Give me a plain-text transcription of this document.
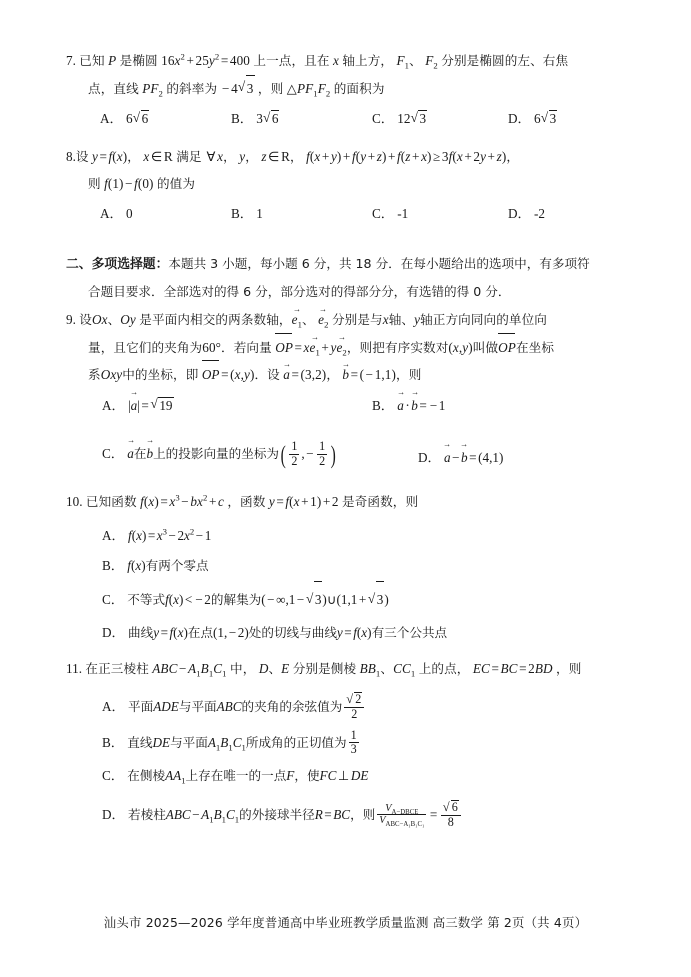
7. 已知 P 是椭圆 $16x^2 + 25y^2 = 400$ 上一点，且在 x 轴上方， $F_1$、 $F_2$ 分别是椭圆的左、右焦
点，直线 $PF_2$ 的斜率为 − 4 √ 3 ，则 $\triangle PF_1F_2$ 的面积为
A． 6 √ 6	B． 3 √ 6	C． 12 √ 3	D． 6 √ 3
8.设 y = f(x)， x ∈ R 满足 ∀ x， y， z ∈ R， f(x + y) + f(y + z) + f(z + x) ≥ 3f(x + 2y + z)，
则 f(1) − f(0) 的值为
A． 0	B． 1	C． -1	D． -2
二、多项选择题：本题共 3 小题，每小题 6 分，共 18 分．在每小题给出的选项中，有多项符
合题目要求．全部选对的得 6 分，部分选对的得部分分，有选错的得 0 分．
9. 设Ox、Oy 是平面内相交的两条数轴，$e_1$ →、 $e_2$ → 分别是与x轴、y轴正方向同向的单位向
量，且它们的夹角为60°．若向量 OP = $xe_1$ → + $ye_2$ →，则把有序实数对(x,y)叫做OP在坐标
系Oxy中的坐标，即 OP = (x,y)．设 a → = (3,2)， b → = ( − 1,1)，则
A． |a →| = √ 19	B． a → · b → = − 1
C． a →在b →上的投影向量的坐标为( $\frac{1}{2}$ , − $\frac{1}{2}$ )	D． a → − b → = (4,1)
10. 已知函数 $f(x) = x^3 - bx^2 + c$ ，函数 y = f(x + 1) + 2 是奇函数，则
A． $f(x) = x^3 - 2x^2 - 1$
B． f(x)有两个零点
C． 不等式f(x) < − 2的解集为( − ∞,1 − √ 3)∪(1,1 + √ 3)
D． 曲线y = f(x)在点(1, − 2)处的切线与曲线y = f(x)有三个公共点
11. 在正三棱柱 ABC − $A_1B_1C_1$ 中， D、E 分别是侧棱 $BB_1$、$CC_1$ 上的点， EC = BC = 2BD ，则
A． 平面ADE与平面ABC的夹角的余弦值为 √ $\frac{2}{2}$
B． 直线DE与平面$A_1B_1C_1$所成角的正切值为 $\frac{1}{3}$
C． 在侧棱$AA_1$上存在唯一的一点F，使FC ⊥ DE
D． 若棱柱ABC − $A_1B_1C_1$的外接球半径R = BC，则 $\frac{V_{A-DBCE}}{V_{ABC-A_1B_1C_1}}$ = √ $\frac{6}{8}$
汕头市 2025—2026 学年度普通高中毕业班教学质量监测 高三数学 第 2页（共 4页）
